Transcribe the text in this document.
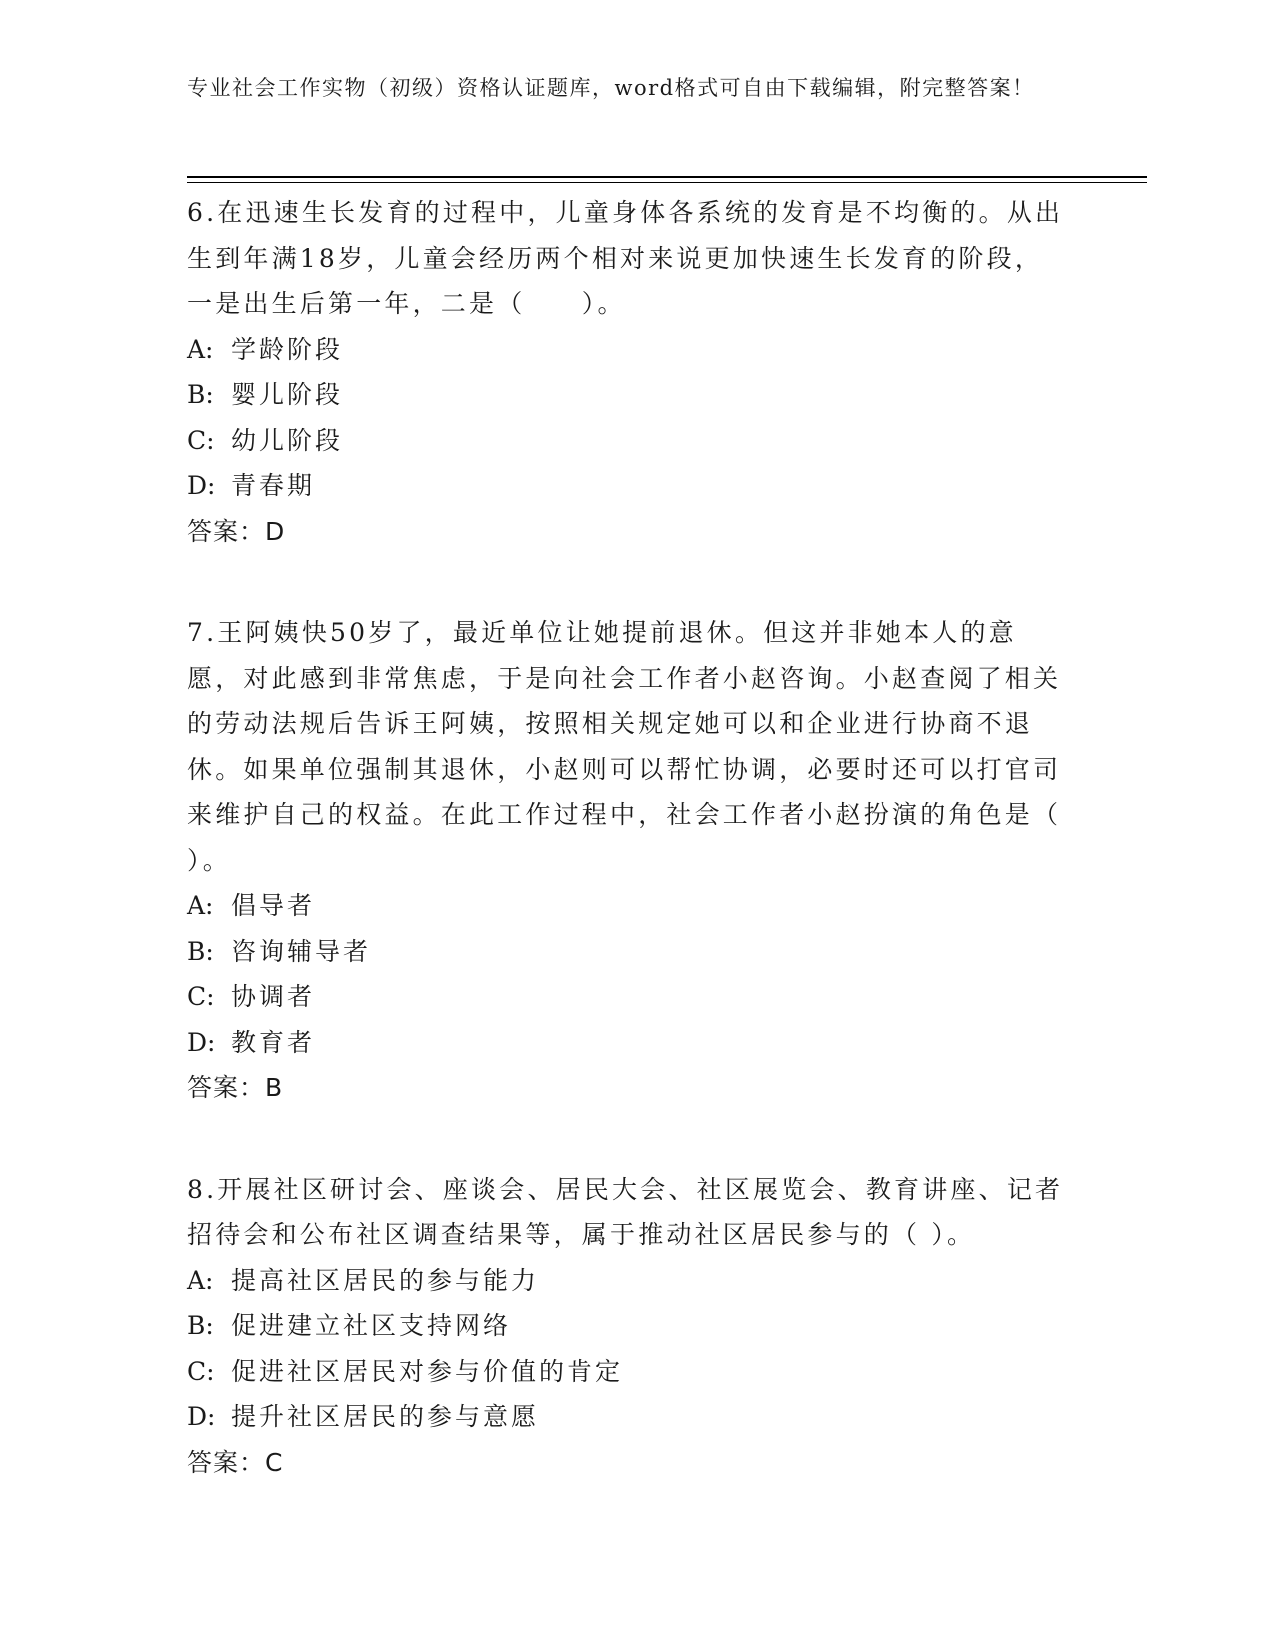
专业社会工作实物（初级）资格认证题库，word格式可自由下载编辑，附完整答案！

6.在迅速生长发育的过程中，儿童身体各系统的发育是不均衡的。从出生到年满18岁，儿童会经历两个相对来说更加快速生长发育的阶段，一是出生后第一年，二是（　　）。

A: 学龄阶段
B: 婴儿阶段
C: 幼儿阶段
D: 青春期

答案：D

7.王阿姨快50岁了，最近单位让她提前退休。但这并非她本人的意愿，对此感到非常焦虑，于是向社会工作者小赵咨询。小赵查阅了相关的劳动法规后告诉王阿姨，按照相关规定她可以和企业进行协商不退休。如果单位强制其退休，小赵则可以帮忙协调，必要时还可以打官司来维护自己的权益。在此工作过程中，社会工作者小赵扮演的角色是（ ）。

A: 倡导者
B: 咨询辅导者
C: 协调者
D: 教育者

答案：B

8.开展社区研讨会、座谈会、居民大会、社区展览会、教育讲座、记者招待会和公布社区调查结果等，属于推动社区居民参与的（ ）。

A: 提高社区居民的参与能力
B: 促进建立社区支持网络
C: 促进社区居民对参与价值的肯定
D: 提升社区居民的参与意愿

答案：C
